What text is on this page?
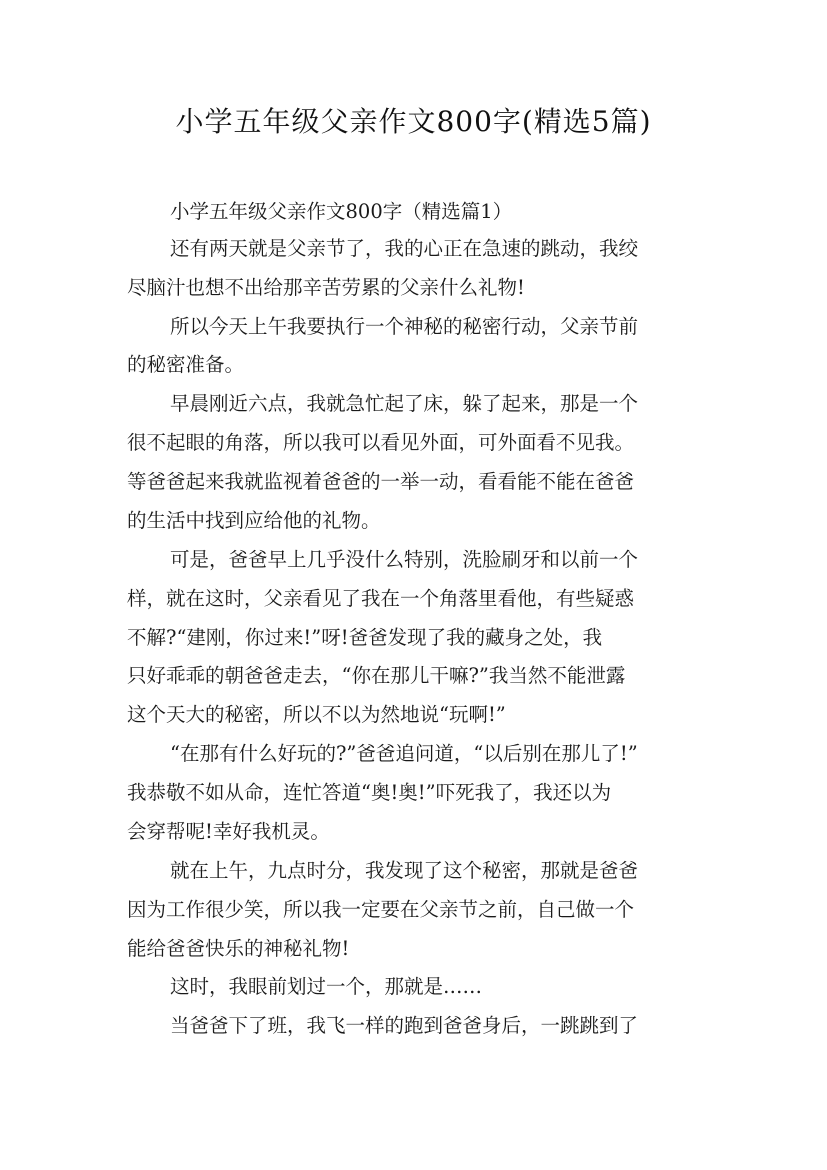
小学五年级父亲作文800字(精选5篇)
小学五年级父亲作文800字（精选篇1）
还有两天就是父亲节了，我的心正在急速的跳动，我绞
尽脑汁也想不出给那辛苦劳累的父亲什么礼物!
所以今天上午我要执行一个神秘的秘密行动，父亲节前
的秘密准备。
早晨刚近六点，我就急忙起了床，躲了起来，那是一个
很不起眼的角落，所以我可以看见外面，可外面看不见我。
等爸爸起来我就监视着爸爸的一举一动，看看能不能在爸爸
的生活中找到应给他的礼物。
可是，爸爸早上几乎没什么特别，洗脸刷牙和以前一个
样，就在这时，父亲看见了我在一个角落里看他，有些疑惑
不解?“建刚，你过来!”呀!爸爸发现了我的藏身之处，我
只好乖乖的朝爸爸走去，“你在那儿干嘛?”我当然不能泄露
这个天大的秘密，所以不以为然地说“玩啊!”
“在那有什么好玩的?”爸爸追问道，“以后别在那儿了!”
我恭敬不如从命，连忙答道“奥!奥!”吓死我了，我还以为
会穿帮呢!幸好我机灵。
就在上午，九点时分，我发现了这个秘密，那就是爸爸
因为工作很少笑，所以我一定要在父亲节之前，自己做一个
能给爸爸快乐的神秘礼物!
这时，我眼前划过一个，那就是……
当爸爸下了班，我飞一样的跑到爸爸身后，一跳跳到了
